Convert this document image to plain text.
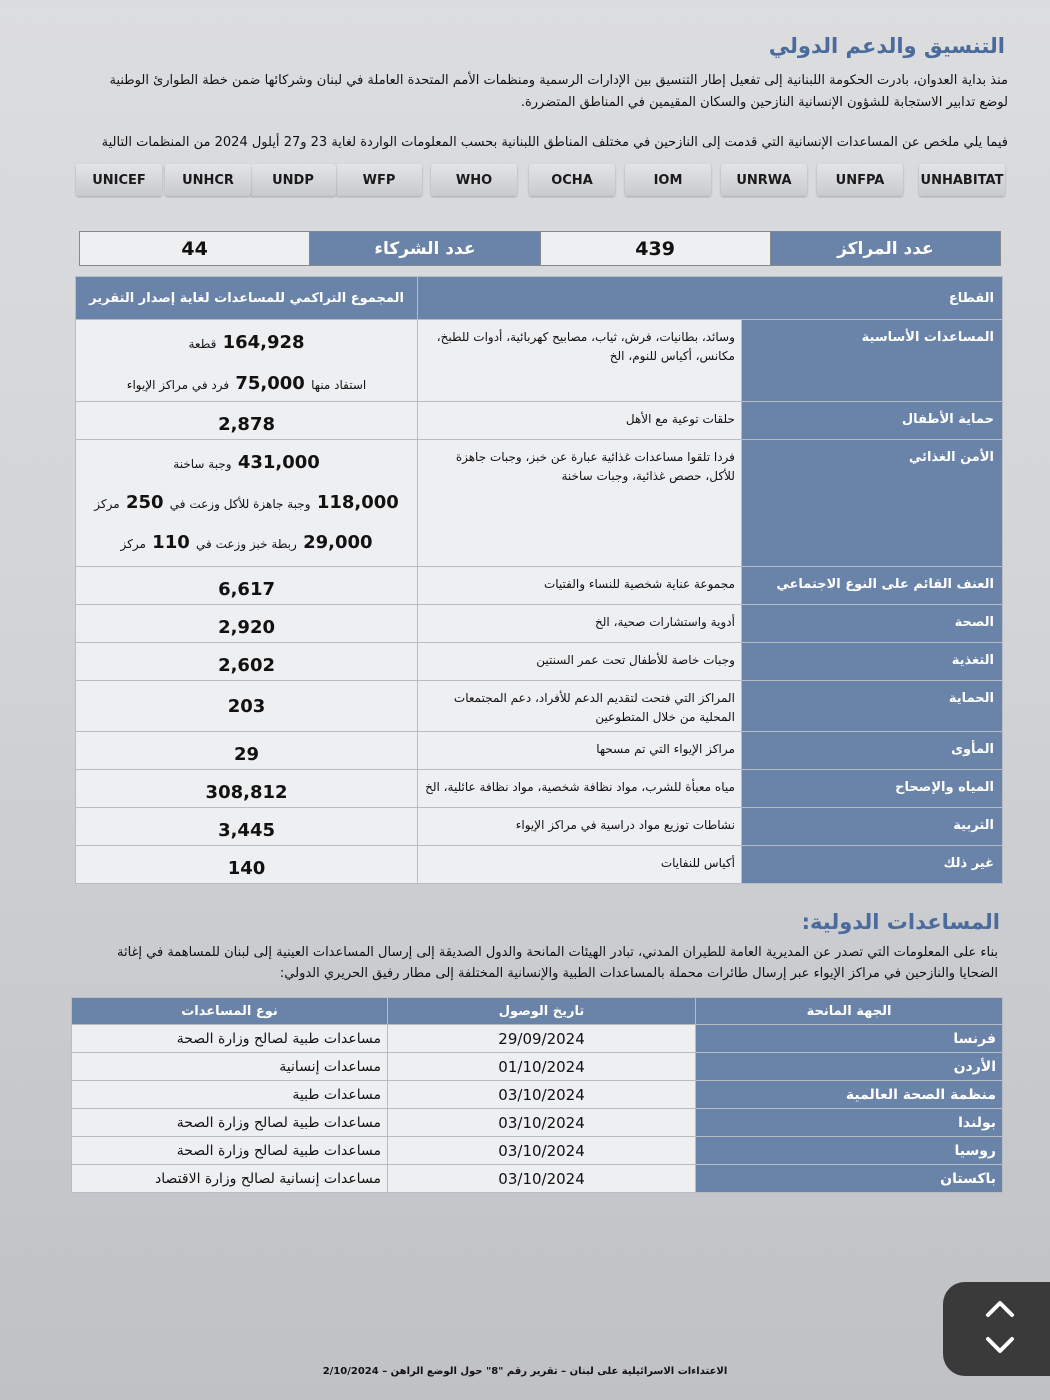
التنسيق والدعم الدولي
منذ بداية العدوان، بادرت الحكومة اللبنانية إلى تفعيل إطار التنسيق بين الإدارات الرسمية ومنظمات الأمم المتحدة العاملة في لبنان وشركائها ضمن خطة الطوارئ الوطنية
لوضع تدابير الاستجابة للشؤون الإنسانية النازحين والسكان المقيمين في المناطق المتضررة.
فيما يلي ملخص عن المساعدات الإنسانية التي قدمت إلى النازحين في مختلف المناطق اللبنانية بحسب المعلومات الواردة لغاية 23 و27 أيلول 2024 من المنظمات التالية
UNHABITAT
UNFPA
UNRWA
IOM
OCHA
WHO
WFP
UNDP
UNHCR
UNICEF
44	عدد الشركاء	439	عدد المراكز
القطاع		المجموع التراكمي للمساعدات لغاية إصدار التقرير
المساعدات الأساسية	وسائد، بطانيات، فرش، ثياب، مصابيح كهربائية، أدوات للطبخ، مكانس، أكياس للنوم، الخ	164,928 قطعة
استفاد منها 75,000 فرد في مراكز الإيواء

حماية الأطفال	حلقات توعية مع الأهل	2,878
الأمن الغذائي	فردا تلقوا مساعدات غذائية عبارة عن خبز، وجبات جاهزة للأكل، حصص غذائية، وجبات ساخنة	431,000 وجبة ساخنة
118,000 وجبة جاهزة للأكل وزعت في 250 مركز
29,000 ربطة خبز وزعت في 110 مركز

العنف القائم على النوع الاجتماعي	مجموعة عناية شخصية للنساء والفتيات	6,617
الصحة	أدوية واستشارات صحية، الخ	2,920
التغذية	وجبات خاصة للأطفال تحت عمر السنتين	2,602
الحماية	المراكز التي فتحت لتقديم الدعم للأفراد، دعم المجتمعات المحلية من خلال المتطوعين	203
المأوى	مراكز الإيواء التي تم مسحها	29
المياه والإصحاح	مياه معبأة للشرب، مواد نظافة شخصية، مواد نظافة عائلية، الخ	308,812
التربية	نشاطات توزيع مواد دراسية في مراكز الإيواء	3,445
غير ذلك	أكياس للنفايات	140
المساعدات الدولية:
بناء على المعلومات التي تصدر عن المديرية العامة للطيران المدني، تبادر الهيئات المانحة والدول الصديقة إلى إرسال المساعدات العينية إلى لبنان للمساهمة في إغاثة
الضحايا والنازحين في مراكز الإيواء عبر إرسال طائرات محملة بالمساعدات الطبية والإنسانية المختلفة إلى مطار رفيق الحريري الدولي:
الجهة المانحة	تاريخ الوصول	نوع المساعدات
فرنسا	29/09/2024	مساعدات طبية لصالح وزارة الصحة
الأردن	01/10/2024	مساعدات إنسانية
منظمة الصحة العالمية	03/10/2024	مساعدات طبية
بولندا	03/10/2024	مساعدات طبية لصالح وزارة الصحة
روسيا	03/10/2024	مساعدات طبية لصالح وزارة الصحة
باكستان	03/10/2024	مساعدات إنسانية لصالح وزارة الاقتصاد
الاعتداءات الاسرائيلية على لبنان – تقرير رقم "8" حول الوضع الراهن – 2/10/2024
